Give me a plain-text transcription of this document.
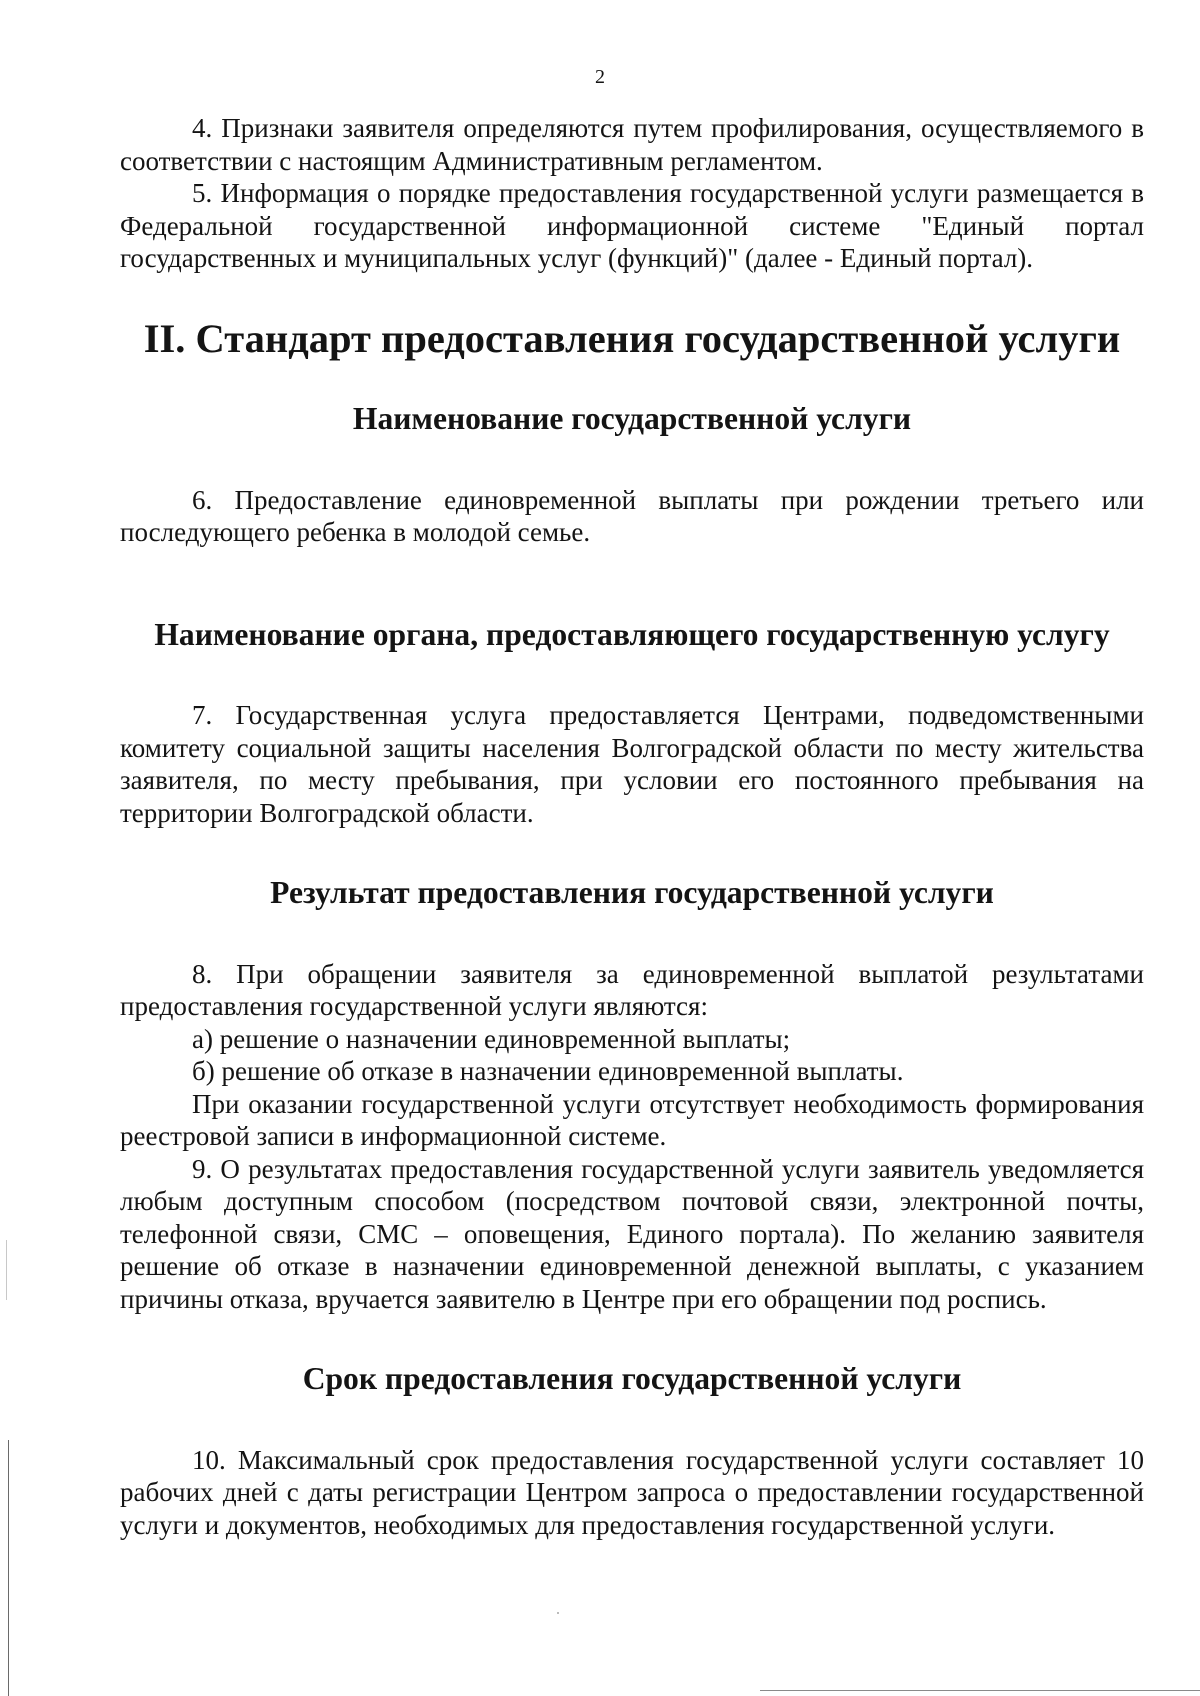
2

4. Признаки заявителя определяются путем профилирования, осуществляемого в соответствии с настоящим Административным регламентом.

5. Информация о порядке предоставления государственной услуги размещается в Федеральной государственной информационной системе "Единый портал государственных и муниципальных услуг (функций)" (далее - Единый портал).

II. Стандарт предоставления государственной услуги
Наименование государственной услуги

6. Предоставление единовременной выплаты при рождении третьего или последующего ребенка в молодой семье.

Наименование органа, предоставляющего государственную услугу

7. Государственная услуга предоставляется Центрами, подведомственными комитету социальной защиты населения Волгоградской области по месту жительства заявителя, по месту пребывания, при условии его постоянного пребывания на территории Волгоградской области.

Результат предоставления государственной услуги

8. При обращении заявителя за единовременной выплатой результатами предоставления государственной услуги являются:

а) решение о назначении единовременной выплаты;

б) решение об отказе в назначении единовременной выплаты.

При оказании государственной услуги отсутствует необходимость формирования реестровой записи в информационной системе.

9. О результатах предоставления государственной услуги заявитель уведомляется любым доступным способом (посредством почтовой связи, электронной почты, телефонной связи, СМС – оповещения, Единого портала). По желанию заявителя решение об отказе в назначении единовременной денежной выплаты, с указанием причины отказа, вручается заявителю в Центре при его обращении под роспись.

Срок предоставления государственной услуги

10. Максимальный срок предоставления государственной услуги составляет 10 рабочих дней с даты регистрации Центром запроса о предоставлении государственной услуги и документов, необходимых для предоставления государственной услуги.
